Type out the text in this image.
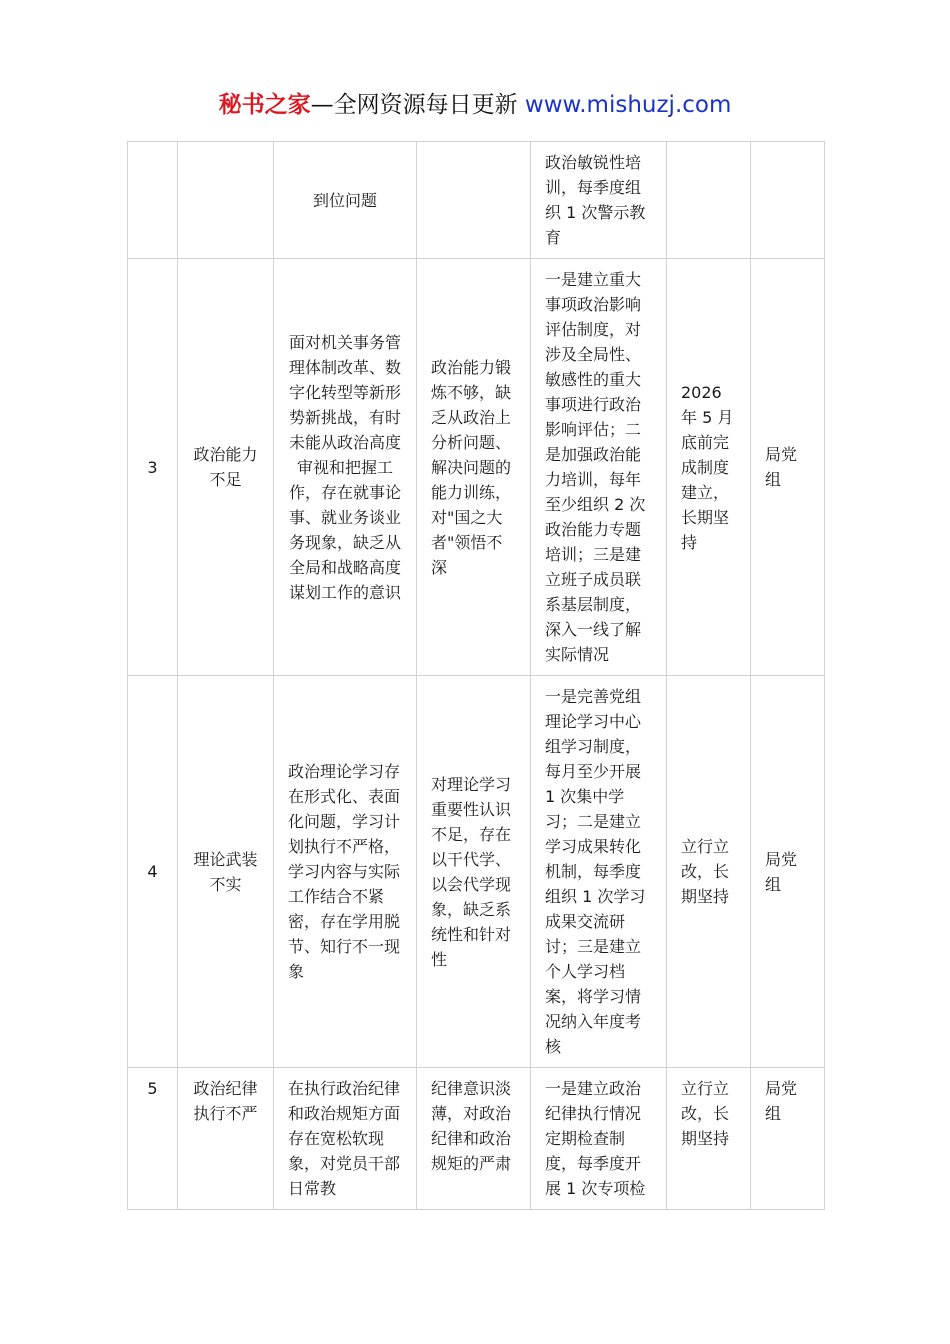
秘书之家—全网资源每日更新 www.mishuzj.com
		到位问题		政治敏锐性培训，每季度组织 1 次警示教育		
3	政治能力不足	面对机关事务管理体制改革、数字化转型等新形势新挑战，有时未能从政治高度审视和把握工作，存在就事论事、就业务谈业务现象，缺乏从全局和战略高度谋划工作的意识	政治能力锻炼不够，缺乏从政治上分析问题、解决问题的能力训练，对"国之大者"领悟不深	一是建立重大事项政治影响评估制度，对涉及全局性、敏感性的重大事项进行政治影响评估；二是加强政治能力培训，每年至少组织 2 次政治能力专题培训；三是建立班子成员联系基层制度，深入一线了解实际情况	2026 年 5 月底前完成制度建立，长期坚持	局党组
4	理论武装不实	政治理论学习存在形式化、表面化问题，学习计划执行不严格，学习内容与实际工作结合不紧密，存在学用脱节、知行不一现象	对理论学习重要性认识不足，存在以干代学、以会代学现象，缺乏系统性和针对性	一是完善党组理论学习中心组学习制度，每月至少开展 1 次集中学习；二是建立学习成果转化机制，每季度组织 1 次学习成果交流研讨；三是建立个人学习档案，将学习情况纳入年度考核	立行立改，长期坚持	局党组
5	政治纪律执行不严	在执行政治纪律和政治规矩方面存在宽松软现象，对党员干部日常教	纪律意识淡薄，对政治纪律和政治规矩的严肃	一是建立政治纪律执行情况定期检查制度，每季度开展 1 次专项检	立行立改，长期坚持	局党组
